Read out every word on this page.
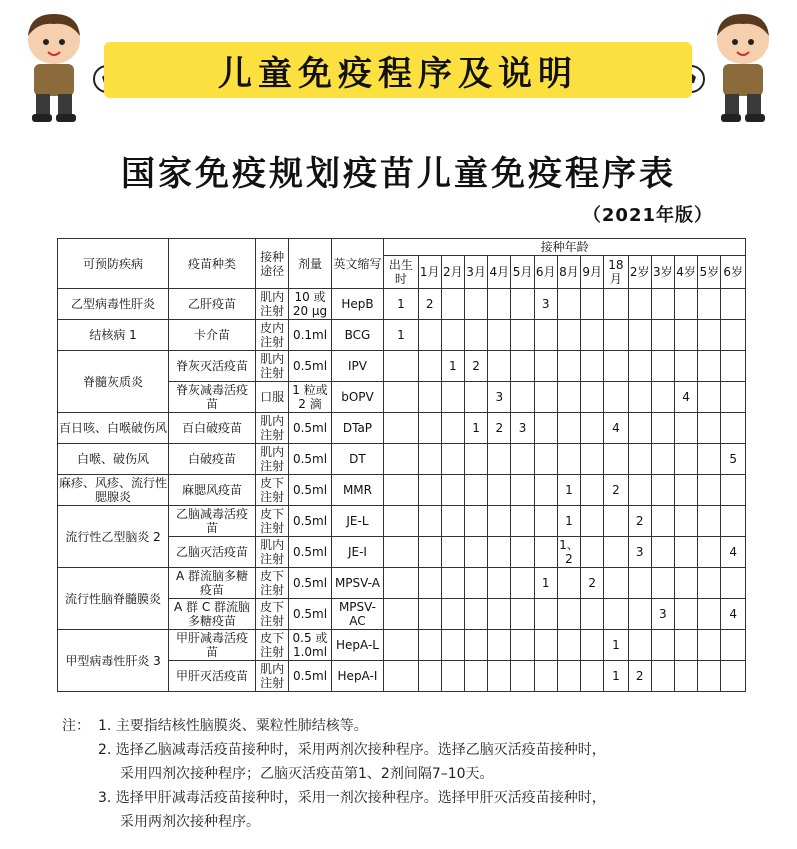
儿童免疫程序及说明
国家免疫规划疫苗儿童免疫程序表
（2021年版）
可预防疾病	疫苗种类	接种途径	剂量	英文缩写	接种年龄														
					出生时	1月	2月	3月	4月	5月	6月	8月	9月	18月	2岁	3岁	4岁	5岁	6岁
乙型病毒性肝炎	乙肝疫苗	肌内注射	10 或 20 μg	HepB	1	2					3								
结核病 1	卡介苗	皮内注射	0.1ml	BCG	1														
脊髓灰质炎	脊灰灭活疫苗	肌内注射	0.5ml	IPV			1	2											
	脊灰减毒活疫苗	口服	1 粒或 2 滴	bOPV					3								4		
百日咳、白喉破伤风	百白破疫苗	肌内注射	0.5ml	DTaP				1	2	3				4					
白喉、破伤风	白破疫苗	肌内注射	0.5ml	DT															5
麻疹、风疹、流行性腮腺炎	麻腮风疫苗	皮下注射	0.5ml	MMR								1		2					
流行性乙型脑炎 2	乙脑减毒活疫苗	皮下注射	0.5ml	JE-L								1			2				
	乙脑灭活疫苗	肌内注射	0.5ml	JE-I								1、2			3				4
流行性脑脊髓膜炎	A 群流脑多糖疫苗	皮下注射	0.5ml	MPSV-A							1		2						
	A 群 C 群流脑多糖疫苗	皮下注射	0.5ml	MPSV-AC												3			4
甲型病毒性肝炎 3	甲肝减毒活疫苗	皮下注射	0.5 或 1.0ml	HepA-L										1					
	甲肝灭活疫苗	肌内注射	0.5ml	HepA-I										1	2				
注： 1. 主要指结核性脑膜炎、粟粒性肺结核等。
2. 选择乙脑减毒活疫苗接种时，采用两剂次接种程序。选择乙脑灭活疫苗接种时，
采用四剂次接种程序；乙脑灭活疫苗第1、2剂间隔7–10天。
3. 选择甲肝减毒活疫苗接种时，采用一剂次接种程序。选择甲肝灭活疫苗接种时，
采用两剂次接种程序。
